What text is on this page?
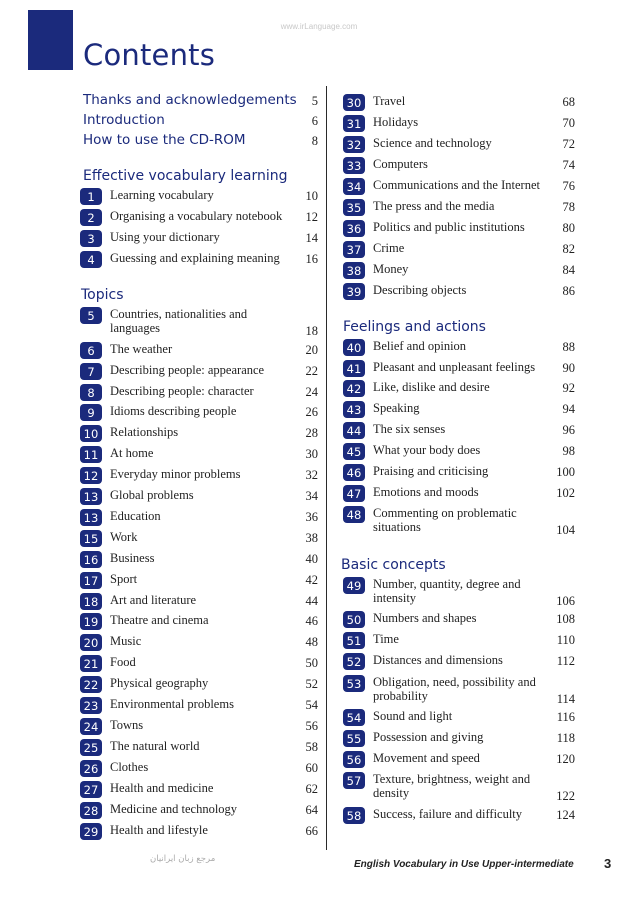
www.irLanguage.com
Contents
Thanks and acknowledgements	5
Introduction	6
How to use the CD-ROM	8
Effective vocabulary learning
Topics
Feelings and actions
Basic concepts
1	Learning vocabulary	10
2	Organising a vocabulary notebook	12
3	Using your dictionary	14
4	Guessing and explaining meaning	16
5	Countries, nationalities and languages	18
6	The weather	20
7	Describing people: appearance	22
8	Describing people: character	24
9	Idioms describing people	26
10 Relationships	28
11 At home	30
12 Everyday minor problems	32
13 Global problems	34
13 Education	36
15 Work	38
16 Business	40
17 Sport	42
18 Art and literature	44
19 Theatre and cinema	46
20 Music	48
21 Food	50
22 Physical geography	52
23 Environmental problems	54
24 Towns	56
25 The natural world	58
26 Clothes	60
27 Health and medicine	62
28 Medicine and technology	64
29 Health and lifestyle	66
30 Travel	68
31 Holidays	70
32 Science and technology	72
33 Computers	74
34 Communications and the Internet	76
35 The press and the media	78
36 Politics and public institutions	80
37 Crime	82
38 Money	84
39 Describing objects	86
40 Belief and opinion	88
41 Pleasant and unpleasant feelings	90
42 Like, dislike and desire	92
43 Speaking	94
44 The six senses	96
45 What your body does	98
46 Praising and criticising	100
47 Emotions and moods	102
48 Commenting on problematic situations	104
49 Number, quantity, degree and intensity	106
50 Numbers and shapes	108
51 Time	110
52 Distances and dimensions	112
53 Obligation, need, possibility and probability	114
54 Sound and light	116
55 Possession and giving	118
56 Movement and speed	120
57 Texture, brightness, weight and density	122
58 Success, failure and difficulty	124
مرجع زبان ایرانیان	English Vocabulary in Use Upper-intermediate 3
